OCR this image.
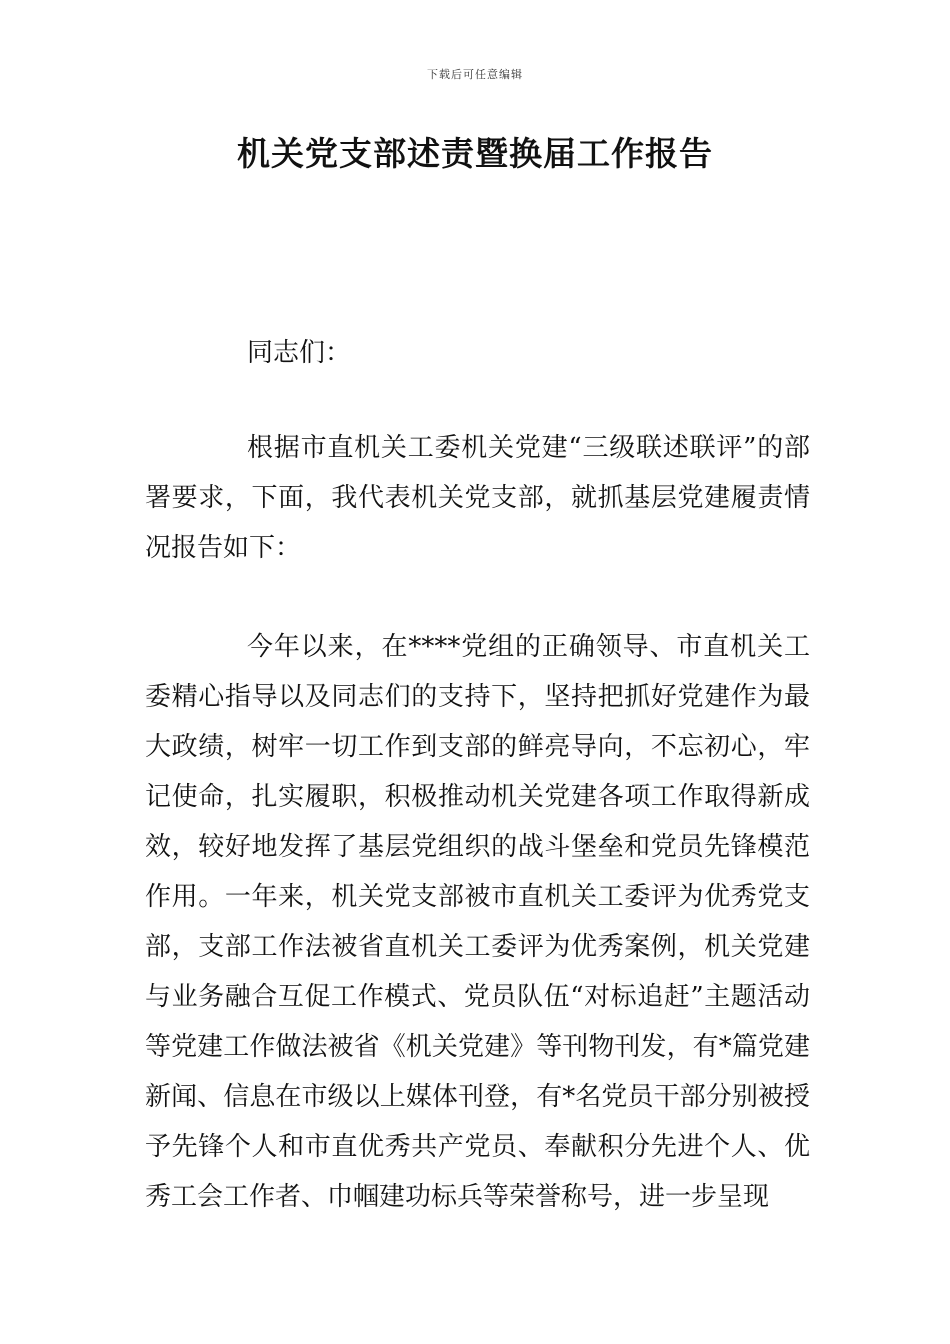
下载后可任意编辑
机关党支部述责暨换届工作报告

同志们：

根据市直机关工委机关党建“三级联述联评”的部署要求，下面，我代表机关党支部，就抓基层党建履责情况报告如下：

今年以来，在****党组的正确领导、市直机关工委精心指导以及同志们的支持下，坚持把抓好党建作为最大政绩，树牢一切工作到支部的鲜亮导向，不忘初心，牢记使命，扎实履职，积极推动机关党建各项工作取得新成效，较好地发挥了基层党组织的战斗堡垒和党员先锋模范作用。一年来，机关党支部被市直机关工委评为优秀党支部，支部工作法被省直机关工委评为优秀案例，机关党建与业务融合互促工作模式、党员队伍“对标追赶”主题活动等党建工作做法被省《机关党建》等刊物刊发，有*篇党建新闻、信息在市级以上媒体刊登，有*名党员干部分别被授予先锋个人和市直优秀共产党员、奉献积分先进个人、优秀工会工作者、巾帼建功标兵等荣誉称号，进一步呈现
